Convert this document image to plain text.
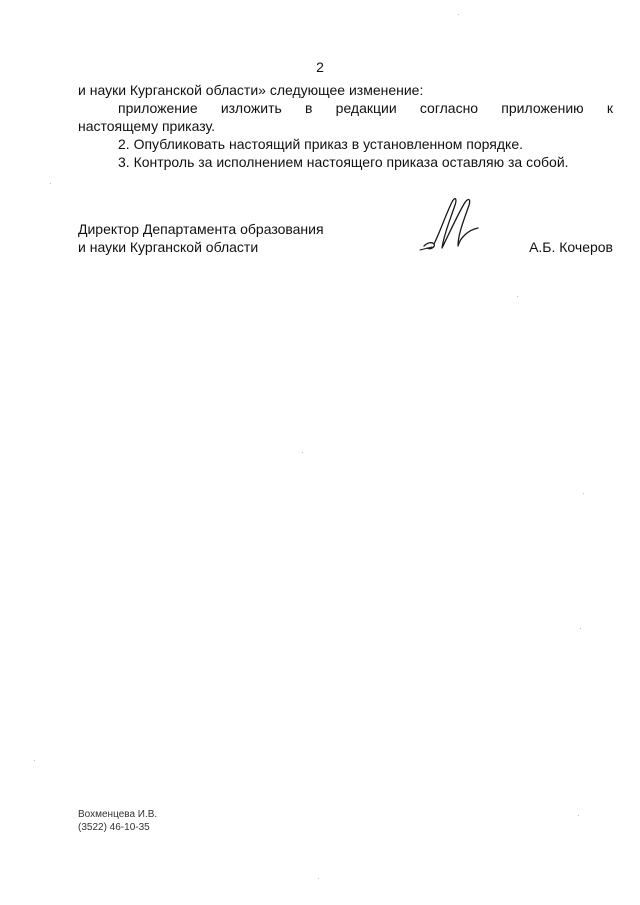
2

и науки Курганской области» следующее изменение:

приложение изложить в редакции согласно приложению к

настоящему приказу.

2. Опубликовать настоящий приказ в установленном порядке.

3. Контроль за исполнением настоящего приказа оставляю за собой.

Директор Департамента образования
и науки Курганской области	А.Б. Кочеров
Вохменцева И.В.
(3522) 46-10-35
